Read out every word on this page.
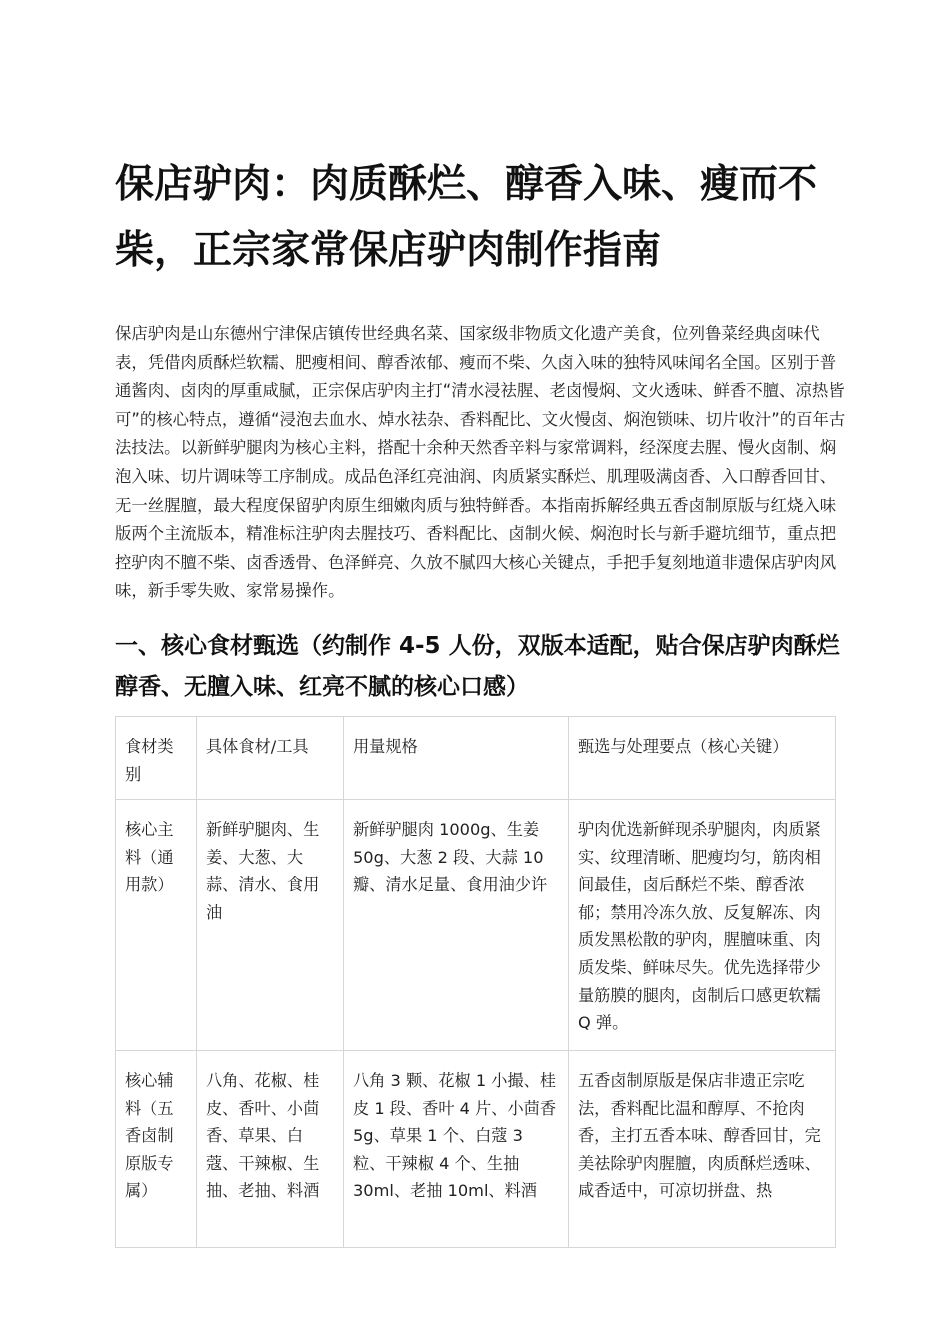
保店驴肉：肉质酥烂、醇香入味、瘦而不柴，正宗家常保店驴肉制作指南

保店驴肉是山东德州宁津保店镇传世经典名菜、国家级非物质文化遗产美食，位列鲁菜经典卤味代表，凭借肉质酥烂软糯、肥瘦相间、醇香浓郁、瘦而不柴、久卤入味的独特风味闻名全国。区别于普通酱肉、卤肉的厚重咸腻，正宗保店驴肉主打“清水浸祛腥、老卤慢焖、文火透味、鲜香不膻、凉热皆可”的核心特点，遵循“浸泡去血水、焯水祛杂、香料配比、文火慢卤、焖泡锁味、切片收汁”的百年古法技法。以新鲜驴腿肉为核心主料，搭配十余种天然香辛料与家常调料，经深度去腥、慢火卤制、焖泡入味、切片调味等工序制成。成品色泽红亮油润、肉质紧实酥烂、肌理吸满卤香、入口醇香回甘、无一丝腥膻，最大程度保留驴肉原生细嫩肉质与独特鲜香。本指南拆解经典五香卤制原版与红烧入味版两个主流版本，精准标注驴肉去腥技巧、香料配比、卤制火候、焖泡时长与新手避坑细节，重点把控驴肉不膻不柴、卤香透骨、色泽鲜亮、久放不腻四大核心关键点，手把手复刻地道非遗保店驴肉风味，新手零失败、家常易操作。

一、核心食材甄选（约制作 4-5 人份，双版本适配，贴合保店驴肉酥烂醇香、无膻入味、红亮不腻的核心口感）
食材类别	具体食材/工具	用量规格	甄选与处理要点（核心关键）
核心主料（通用款）	新鲜驴腿肉、生姜、大葱、大蒜、清水、食用油	新鲜驴腿肉 1000g、生姜 50g、大葱 2 段、大蒜 10 瓣、清水足量、食用油少许	驴肉优选新鲜现杀驴腿肉，肉质紧实、纹理清晰、肥瘦均匀，筋肉相间最佳，卤后酥烂不柴、醇香浓郁；禁用冷冻久放、反复解冻、肉质发黑松散的驴肉，腥膻味重、肉质发柴、鲜味尽失。优先选择带少量筋膜的腿肉，卤制后口感更软糯 Q 弹。

核心辅料（五香卤制原版专属）	八角、花椒、桂皮、香叶、小茴香、草果、白蔻、干辣椒、生抽、老抽、料酒	八角 3 颗、花椒 1 小撮、桂皮 1 段、香叶 4 片、小茴香 5g、草果 1 个、白蔻 3 粒、干辣椒 4 个、生抽 30ml、老抽 10ml、料酒	五香卤制原版是保店非遗正宗吃法，香料配比温和醇厚、不抢肉香，主打五香本味、醇香回甘，完美祛除驴肉腥膻，肉质酥烂透味、咸香适中，可凉切拼盘、热
